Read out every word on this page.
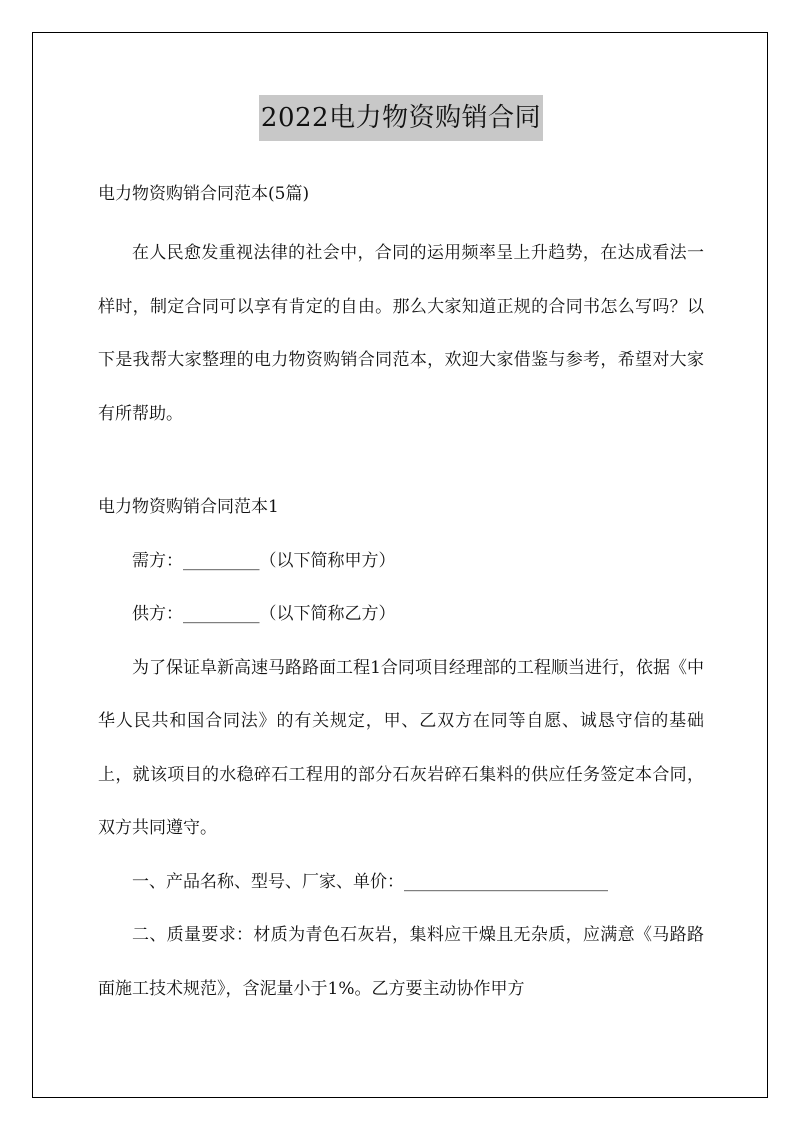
2022电力物资购销合同

电力物资购销合同范本(5篇)

在人民愈发重视法律的社会中，合同的运用频率呈上升趋势，在达成看法一样时，制定合同可以享有肯定的自由。那么大家知道正规的合同书怎么写吗？以下是我帮大家整理的电力物资购销合同范本，欢迎大家借鉴与参考，希望对大家有所帮助。

电力物资购销合同范本1

需方：_________（以下简称甲方）

供方：_________（以下简称乙方）

为了保证阜新高速马路路面工程1合同项目经理部的工程顺当进行，依据《中华人民共和国合同法》的有关规定，甲、乙双方在同等自愿、诚恳守信的基础上，就该项目的水稳碎石工程用的部分石灰岩碎石集料的供应任务签定本合同，双方共同遵守。

一、产品名称、型号、厂家、单价：________________________

二、质量要求：材质为青色石灰岩，集料应干燥且无杂质，应满意《马路路面施工技术规范》，含泥量小于1%。乙方要主动协作甲方
